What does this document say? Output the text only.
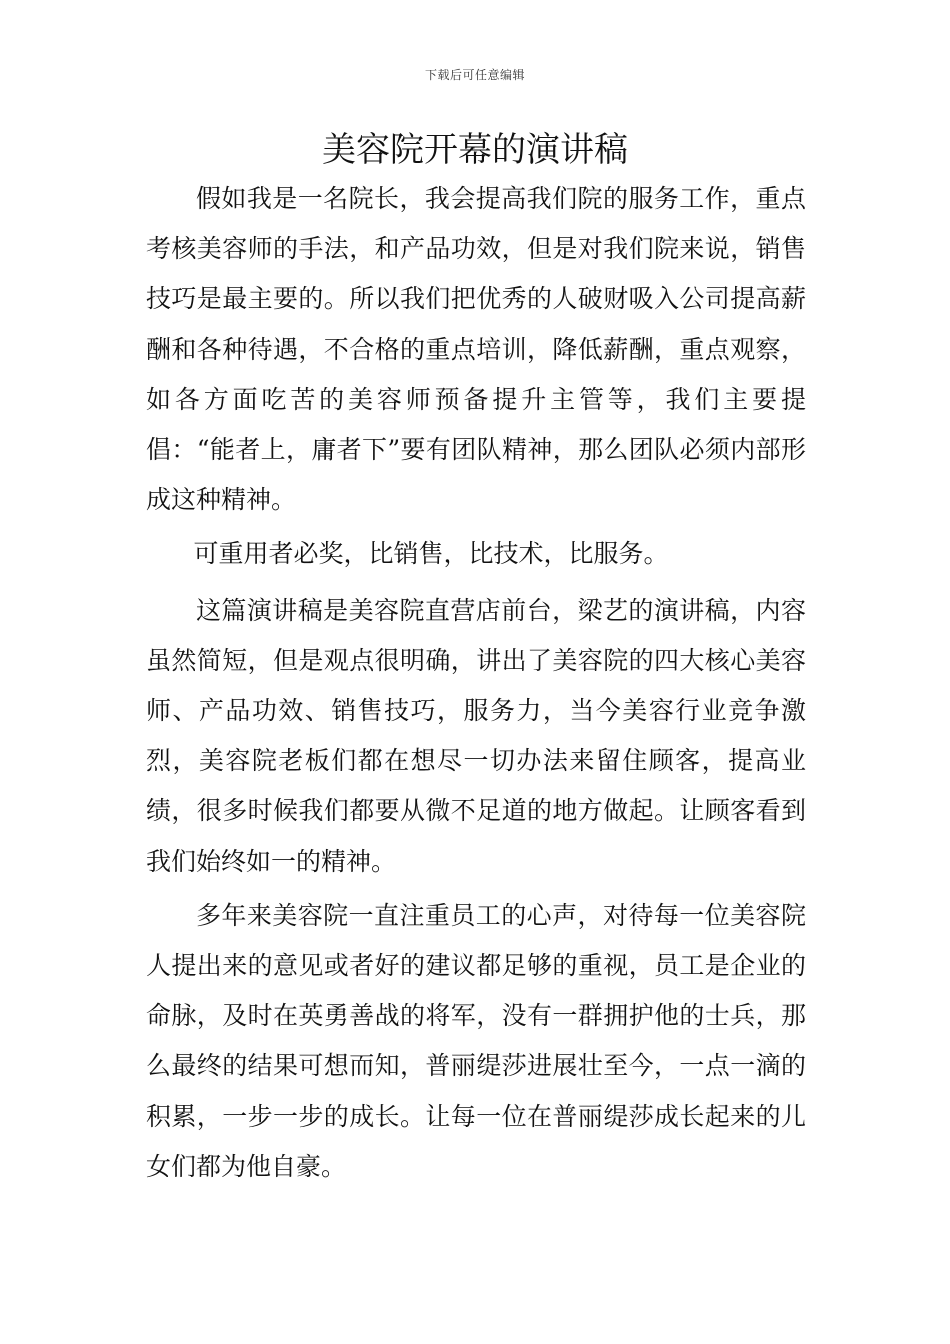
下载后可任意编辑
美容院开幕的演讲稿

假如我是一名院长，我会提高我们院的服务工作，重点考核美容师的手法，和产品功效，但是对我们院来说，销售技巧是最主要的。所以我们把优秀的人破财吸入公司提高薪酬和各种待遇，不合格的重点培训，降低薪酬，重点观察，如各方面吃苦的美容师预备提升主管等，我们主要提倡：“能者上，庸者下”要有团队精神，那么团队必须内部形成这种精神。

可重用者必奖，比销售，比技术，比服务。

这篇演讲稿是美容院直营店前台，梁艺的演讲稿，内容虽然简短，但是观点很明确，讲出了美容院的四大核心美容师、产品功效、销售技巧，服务力，当今美容行业竞争激烈，美容院老板们都在想尽一切办法来留住顾客，提高业绩，很多时候我们都要从微不足道的地方做起。让顾客看到我们始终如一的精神。

多年来美容院一直注重员工的心声，对待每一位美容院人提出来的意见或者好的建议都足够的重视，员工是企业的命脉，及时在英勇善战的将军，没有一群拥护他的士兵，那么最终的结果可想而知，普丽缇莎进展壮至今，一点一滴的积累，一步一步的成长。让每一位在普丽缇莎成长起来的儿女们都为他自豪。
